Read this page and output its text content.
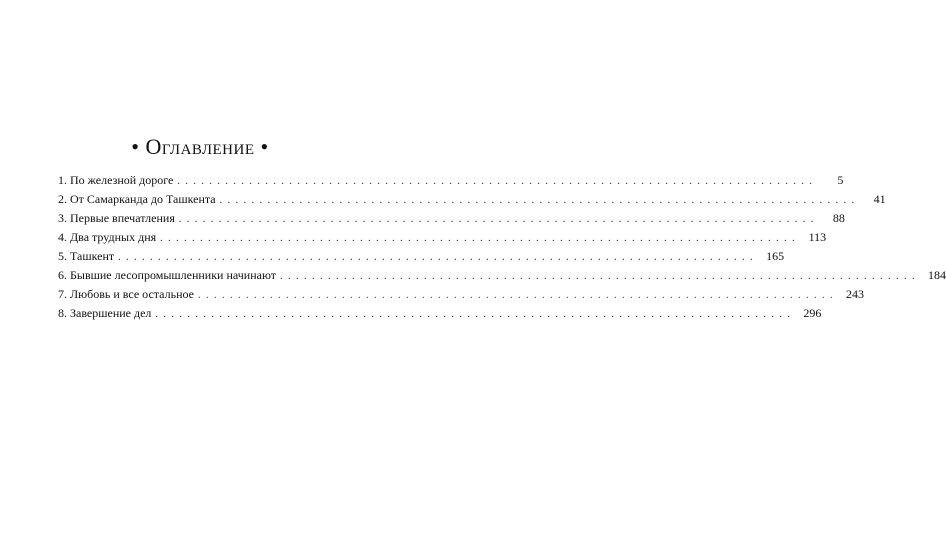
• Оглавление •
1. По железной дороге . . . . . . . . . . . . . . . . . . . . . . . . . . . . . . . . . . . . . . . . . . . . . . . . . . . . . . . . . . . . . . . . . . . . . . . . . . . . . . . .	5
2. От Самарканда до Ташкента . . . . . . . . . . . . . . . . . . . . . . . . . . . . . . . . . . . . . . . . . . . . . . . . . . . . . . . . . . . . . . . . . . . . . . . . . . . . . . . .	41
3. Первые впечатления . . . . . . . . . . . . . . . . . . . . . . . . . . . . . . . . . . . . . . . . . . . . . . . . . . . . . . . . . . . . . . . . . . . . . . . . . . . . . . . .	88
4. Два трудных дня . . . . . . . . . . . . . . . . . . . . . . . . . . . . . . . . . . . . . . . . . . . . . . . . . . . . . . . . . . . . . . . . . . . . . . . . . . . . . . . .	113
5. Ташкент . . . . . . . . . . . . . . . . . . . . . . . . . . . . . . . . . . . . . . . . . . . . . . . . . . . . . . . . . . . . . . . . . . . . . . . . . . . . . . . .	165
6. Бывшие лесопромышленники начинают . . . . . . . . . . . . . . . . . . . . . . . . . . . . . . . . . . . . . . . . . . . . . . . . . . . . . . . . . . . . . . . . . . . . . . . . . . . . . . . .	184
7. Любовь и все остальное . . . . . . . . . . . . . . . . . . . . . . . . . . . . . . . . . . . . . . . . . . . . . . . . . . . . . . . . . . . . . . . . . . . . . . . . . . . . . . . .	243
8. Завершение дел . . . . . . . . . . . . . . . . . . . . . . . . . . . . . . . . . . . . . . . . . . . . . . . . . . . . . . . . . . . . . . . . . . . . . . . . . . . . . . . .	296
